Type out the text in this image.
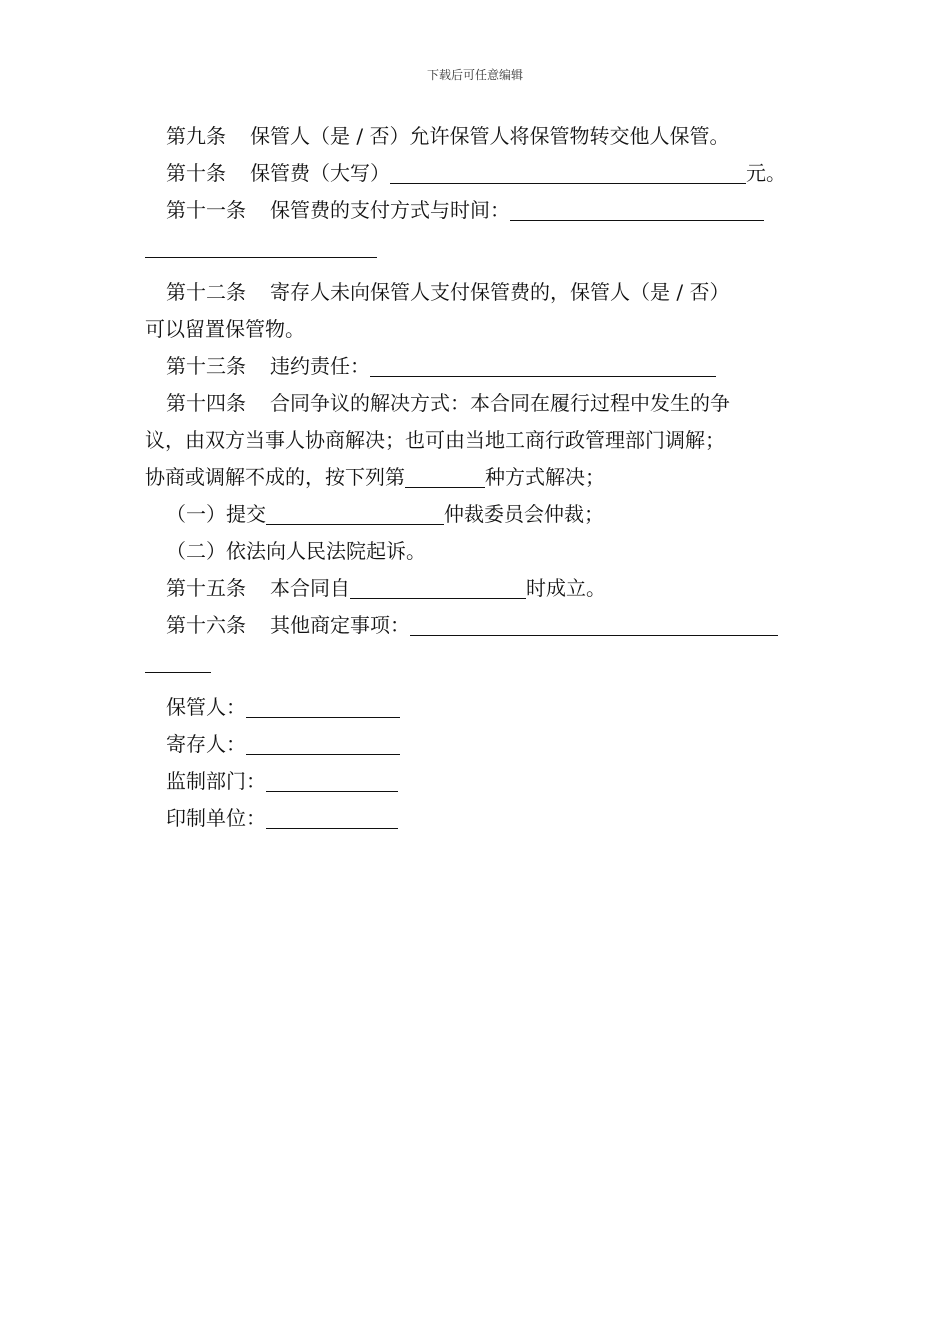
下载后可任意编辑
第九条 保管人（是 / 否）允许保管人将保管物转交他人保管。
第十条 保管费（大写）	元。
第十一条 保管费的支付方式与时间：
第十二条 寄存人未向保管人支付保管费的，保管人（是 / 否）
可以留置保管物。
第十三条 违约责任：
第十四条 合同争议的解决方式：本合同在履行过程中发生的争
议，由双方当事人协商解决；也可由当地工商行政管理部门调解；
协商或调解不成的，按下列第	种方式解决；
（一）提交	仲裁委员会仲裁；
（二）依法向人民法院起诉。
第十五条 本合同自	时成立。
第十六条 其他商定事项：
保管人：
寄存人：
监制部门：
印制单位：
